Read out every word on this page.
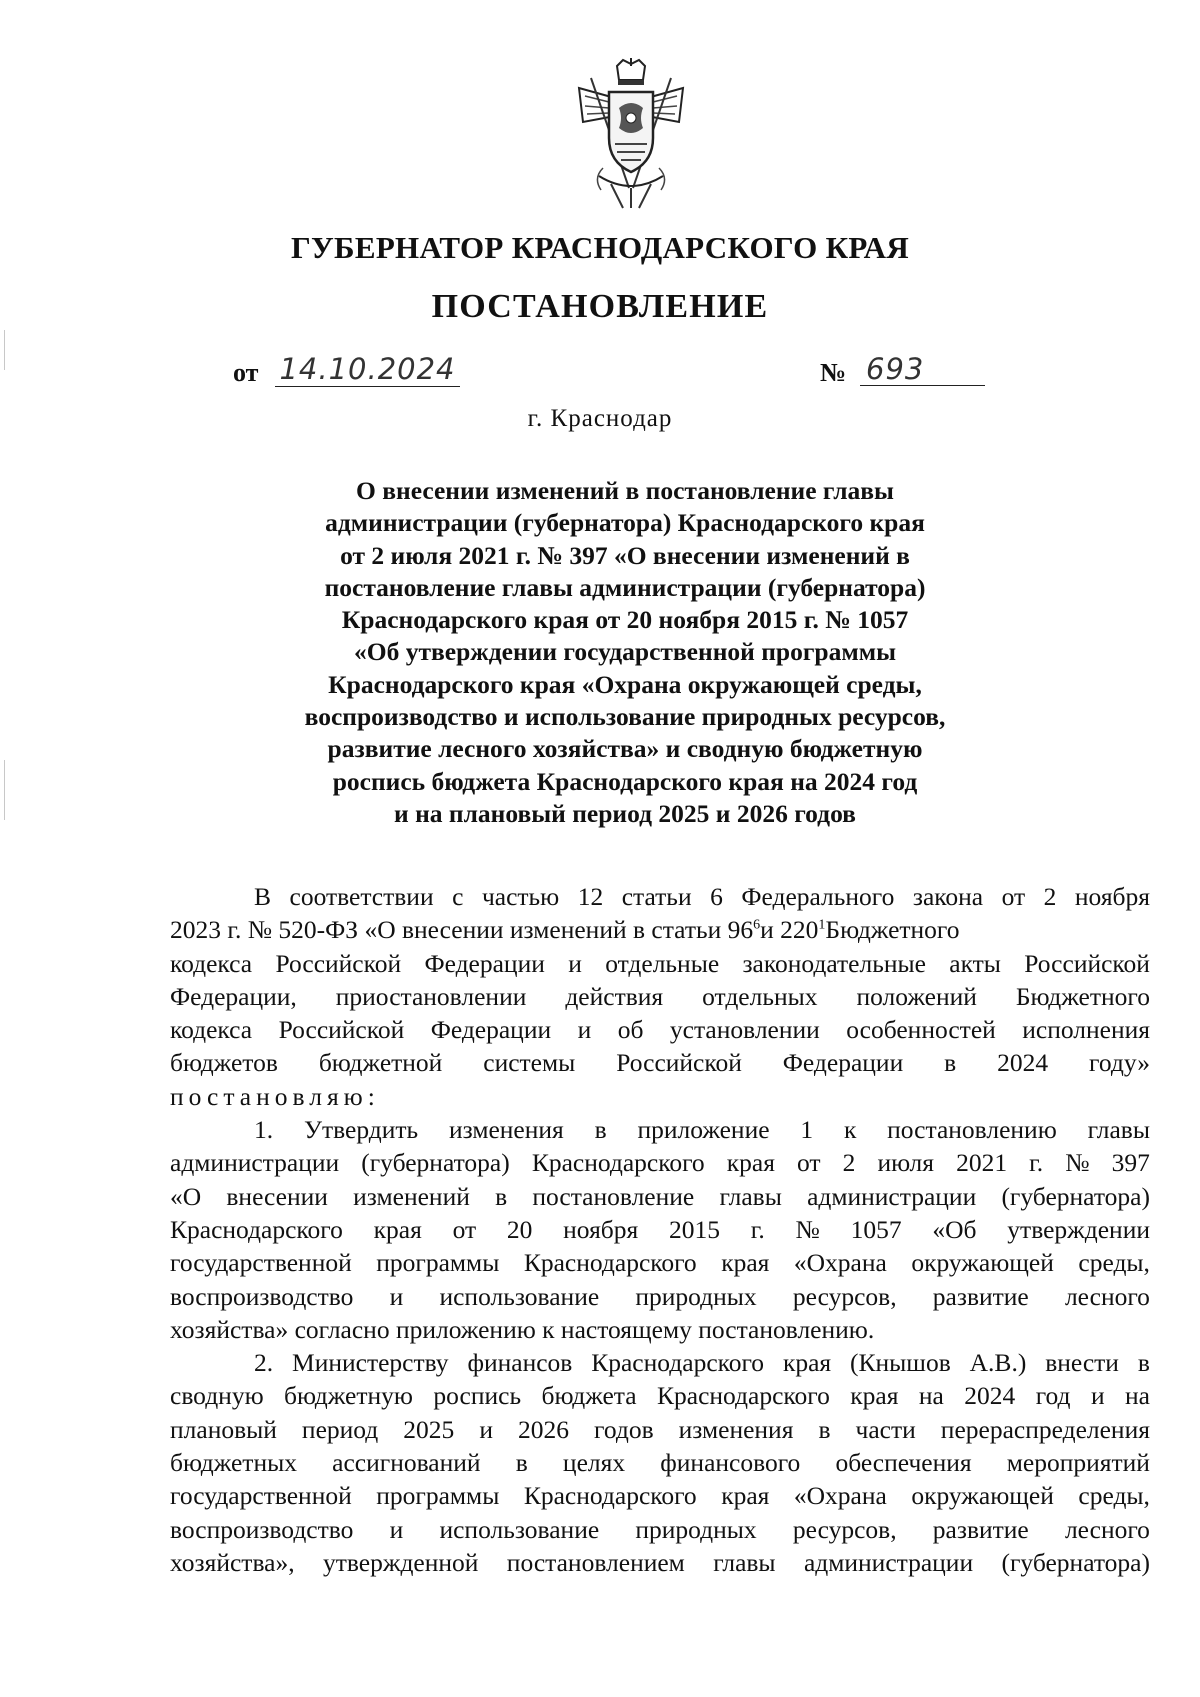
ГУБЕРНАТОР КРАСНОДАРСКОГО КРАЯ
ПОСТАНОВЛЕНИЕ
от 14.10.2024	№ 693
г. Краснодар
О внесении изменений в постановление главы
администрации (губернатора) Краснодарского края
от 2 июля 2021 г. № 397 «О внесении изменений в
постановление главы администрации (губернатора)
Краснодарского края от 20 ноября 2015 г. № 1057
«Об утверждении государственной программы
Краснодарского края «Охрана окружающей среды,
воспроизводство и использование природных ресурсов,
развитие лесного хозяйства» и сводную бюджетную
роспись бюджета Краснодарского края на 2024 год
и на плановый период 2025 и 2026 годов
В соответствии с частью 12 статьи 6 Федерального закона от 2 ноября
2023 г. № 520-ФЗ «О внесении изменений в статьи $96^6и$ $220^1Бюджетного$
кодекса Российской Федерации и отдельные законодательные акты Российской
Федерации, приостановлении действия отдельных положений Бюджетного
кодекса Российской Федерации и об установлении особенностей исполнения
бюджетов бюджетной системы Российской Федерации в 2024 году»
постановляю:
1. Утвердить изменения в приложение 1 к постановлению главы
администрации (губернатора) Краснодарского края от 2 июля 2021 г. № 397
«О внесении изменений в постановление главы администрации (губернатора)
Краснодарского края от 20 ноября 2015 г. № 1057 «Об утверждении
государственной программы Краснодарского края «Охрана окружающей среды,
воспроизводство и использование природных ресурсов, развитие лесного
хозяйства» согласно приложению к настоящему постановлению.
2. Министерству финансов Краснодарского края (Кнышов А.В.) внести в
сводную бюджетную роспись бюджета Краснодарского края на 2024 год и на
плановый период 2025 и 2026 годов изменения в части перераспределения
бюджетных ассигнований в целях финансового обеспечения мероприятий
государственной программы Краснодарского края «Охрана окружающей среды,
воспроизводство и использование природных ресурсов, развитие лесного
хозяйства», утвержденной постановлением главы администрации (губернатора)
